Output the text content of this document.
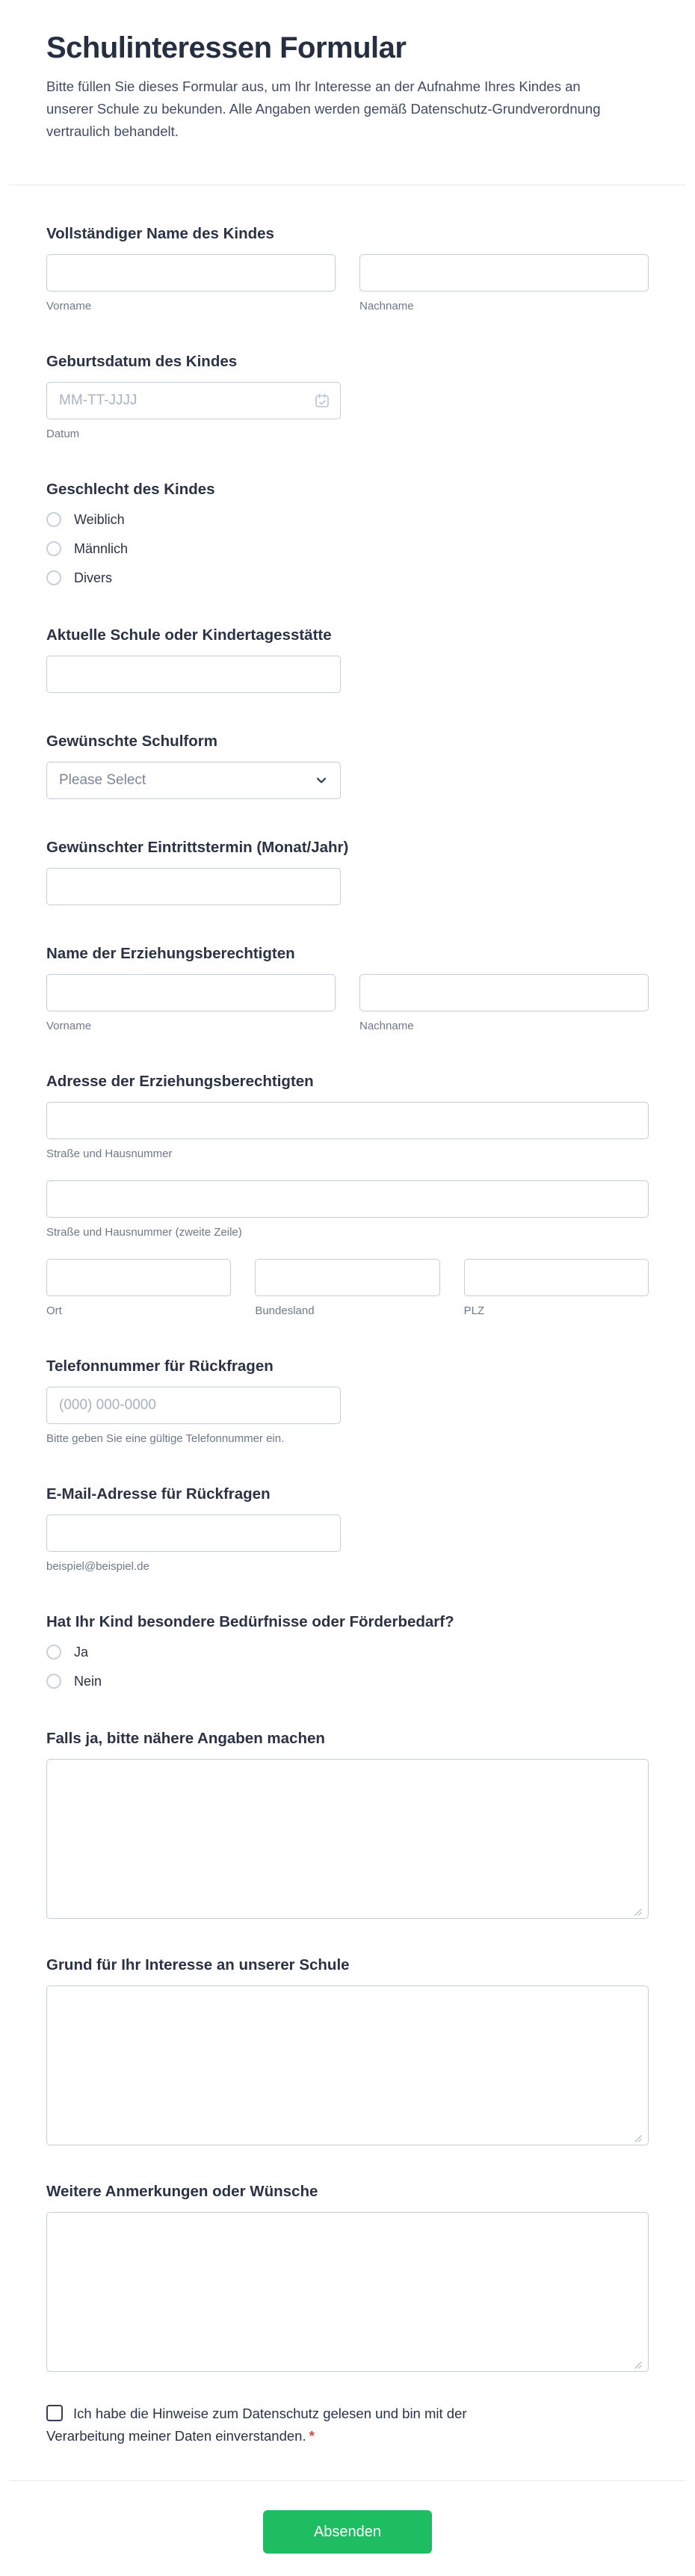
Schulinteressen Formular

Bitte füllen Sie dieses Formular aus, um Ihr Interesse an der Aufnahme Ihres Kindes an unserer Schule zu bekunden. Alle Angaben werden gemäß Datenschutz-Grundverordnung vertraulich behandelt.

Vollständiger Name des Kindes
Vorname	Nachname
Geburtsdatum des Kindes
MM-TT-JJJJ
Datum
Geschlecht des Kindes
Weiblich
Männlich
Divers
Aktuelle Schule oder Kindertagesstätte
Gewünschte Schulform
Please Select
Gewünschter Eintrittstermin (Monat/Jahr)
Name der Erziehungsberechtigten
Vorname	Nachname
Adresse der Erziehungsberechtigten
Straße und Hausnummer
Straße und Hausnummer (zweite Zeile)
Ort	Bundesland	PLZ
Telefonnummer für Rückfragen
(000) 000-0000
Bitte geben Sie eine gültige Telefonnummer ein.
E-Mail-Adresse für Rückfragen
beispiel@beispiel.de
Hat Ihr Kind besondere Bedürfnisse oder Förderbedarf?
Ja
Nein
Falls ja, bitte nähere Angaben machen
Grund für Ihr Interesse an unserer Schule
Weitere Anmerkungen oder Wünsche
Ich habe die Hinweise zum Datenschutz gelesen und bin mit der Verarbeitung meiner Daten einverstanden. *
Absenden
